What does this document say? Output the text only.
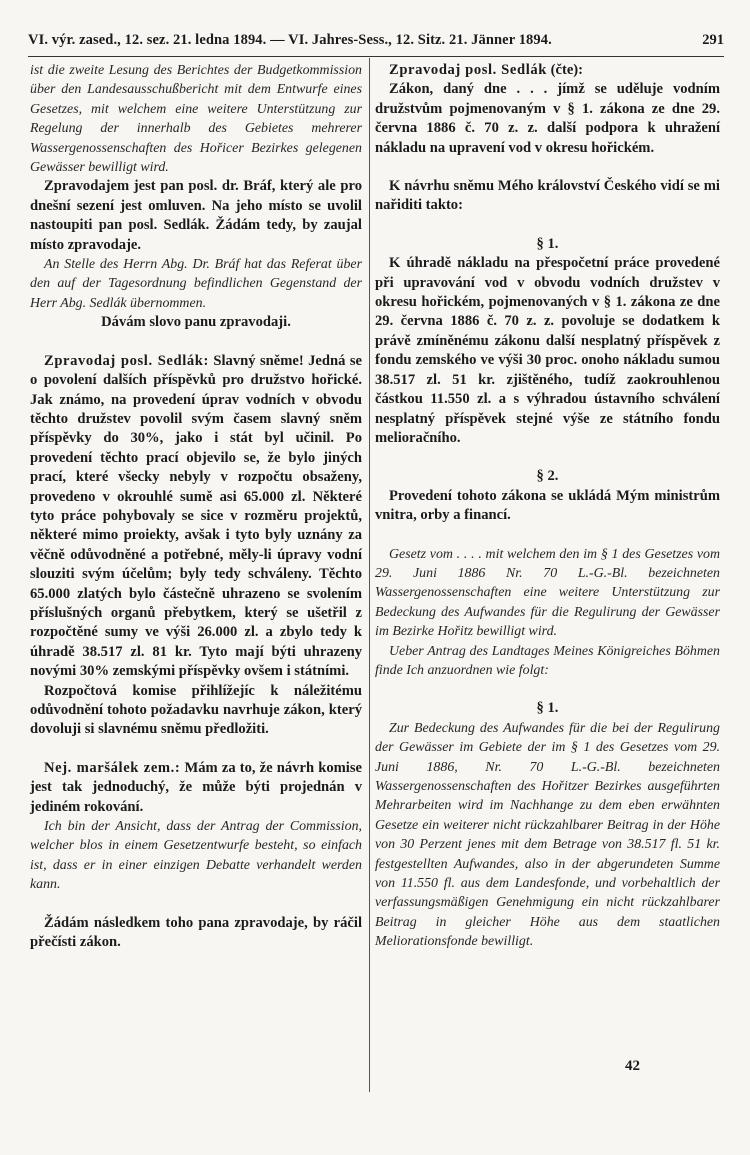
VI. výr. zased., 12. sez. 21. ledna 1894. — VI. Jahres-Sess., 12. Sitz. 21. Jänner 1894.	291

ist die zweite Lesung des Berichtes der Budgetkommission über den Landesausschußbericht mit dem Entwurfe eines Gesetzes, mit welchem eine weitere Unterstützung zur Regelung der innerhalb des Gebietes mehrerer Wassergenossenschaften des Hořicer Bezirkes gelegenen Gewässer bewilligt wird.

Zpravodajem jest pan posl. dr. Bráf, který ale pro dnešní sezení jest omluven. Na jeho místo se uvolil nastoupiti pan posl. Sedlák. Žádám tedy, by zaujal místo zpravodaje.

An Stelle des Herrn Abg. Dr. Bráf hat das Referat über den auf der Tagesordnung befindlichen Gegenstand der Herr Abg. Sedlák übernommen.

Dávám slovo panu zpravodaji.

Zpravodaj posl. Sedlák: Slavný sněme! Jedná se o povolení dalších příspěvků pro družstvo hořické. Jak známo, na provedení úprav vodních v obvodu těchto družstev povolil svým časem slavný sněm příspěvky do 30%, jako i stát byl učinil. Po provedení těchto prací objevilo se, že bylo jiných prací, které všecky nebyly v rozpočtu obsaženy, provedeno v okrouhlé sumě asi 65.000 zl. Některé tyto práce pohybovaly se sice v rozměru projektů, některé mimo proiekty, avšak i tyto byly uznány za věčně odůvodněné a potřebné, měly-li úpravy vodní slouziti svým účelům; byly tedy schváleny. Těchto 65.000 zlatých bylo částečně uhrazeno se svolením příslušných organů přebytkem, který se ušetřil z rozpočtěné sumy ve výši 26.000 zl. a zbylo tedy k úhradě 38.517 zl. 81 kr. Tyto mají býti uhrazeny novými 30% zemskými příspěvky ovšem i státními.

Rozpočtová komise přihlížejíc k náležitému odůvodnění tohoto požadavku navrhuje zákon, který dovoluji si slavnému sněmu předložiti.

Nej. maršálek zem.: Mám za to, že návrh komise jest tak jednoduchý, že může býti projednán v jediném rokování.

Ich bin der Ansicht, dass der Antrag der Commission, welcher blos in einem Gesetzentwurfe besteht, so einfach ist, dass er in einer einzigen Debatte verhandelt werden kann.

Žádám následkem toho pana zpravodaje, by ráčil přečísti zákon.

Zpravodaj posl. Sedlák (čte):

Zákon, daný dne . . . jímž se uděluje vodním družstvům pojmenovaným v § 1. zákona ze dne 29. června 1886 č. 70 z. z. další podpora k uhražení nákladu na upravení vod v okresu hořickém.

K návrhu sněmu Mého království Českého vidí se mi nařiditi takto:

§ 1.

K úhradě nákladu na přespočetní práce provedené při upravování vod v obvodu vodních družstev v okresu hořickém, pojmenovaných v § 1. zákona ze dne 29. června 1886 č. 70 z. z. povoluje se dodatkem k právě zmíněnému zákonu další nesplatný příspěvek z fondu zemského ve výši 30 proc. onoho nákladu sumou 38.517 zl. 51 kr. zjištěného, tudíž zaokrouhlenou částkou 11.550 zl. a s výhradou ústavního schválení nesplatný příspěvek stejné výše ze státního fondu melioračního.

§ 2.

Provedení tohoto zákona se ukládá Mým ministrům vnitra, orby a financí.

Gesetz vom . . . . mit welchem den im § 1 des Gesetzes vom 29. Juni 1886 Nr. 70 L.-G.-Bl. bezeichneten Wassergenossenschaften eine weitere Unterstützung zur Bedeckung des Aufwandes für die Regulirung der Gewässer im Bezirke Hořitz bewilligt wird.

Ueber Antrag des Landtages Meines Königreiches Böhmen finde Ich anzuordnen wie folgt:

§ 1.

Zur Bedeckung des Aufwandes für die bei der Regulirung der Gewässer im Gebiete der im § 1 des Gesetzes vom 29. Juni 1886, Nr. 70 L.-G.-Bl. bezeichneten Wassergenossenschaften des Hořitzer Bezirkes ausgeführten Mehrarbeiten wird im Nachhange zu dem eben erwähnten Gesetze ein weiterer nicht rückzahlbarer Beitrag in der Höhe von 30 Perzent jenes mit dem Betrage von 38.517 fl. 51 kr. festgestellten Aufwandes, also in der abgerundeten Summe von 11.550 fl. aus dem Landesfonde, und vorbehaltlich der verfassungsmäßigen Genehmigung ein nicht rückzahlbarer Beitrag in gleicher Höhe aus dem staatlichen Meliorationsfonde bewilligt.

42
